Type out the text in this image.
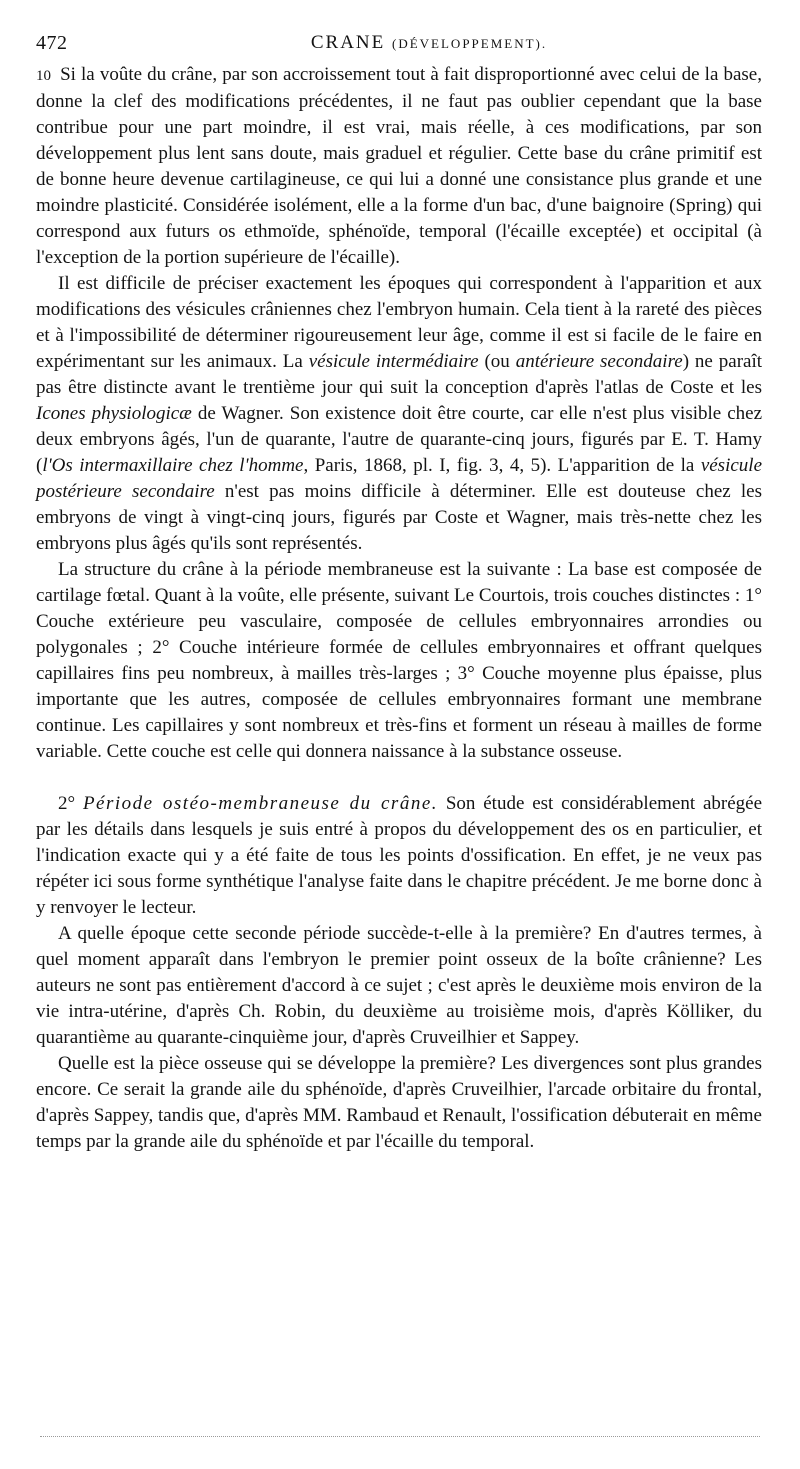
472	CRANE (DÉVELOPPEMENT).

10 Si la voûte du crâne, par son accroissement tout à fait disproportionné avec celui de la base, donne la clef des modifications précédentes, il ne faut pas oublier cependant que la base contribue pour une part moindre, il est vrai, mais réelle, à ces modifications, par son développement plus lent sans doute, mais graduel et régulier. Cette base du crâne primitif est de bonne heure devenue cartilagineuse, ce qui lui a donné une consistance plus grande et une moindre plasticité. Considérée isolément, elle a la forme d'un bac, d'une baignoire (Spring) qui correspond aux futurs os ethmoïde, sphénoïde, temporal (l'écaille exceptée) et occipital (à l'exception de la portion supérieure de l'écaille).

Il est difficile de préciser exactement les époques qui correspondent à l'apparition et aux modifications des vésicules crâniennes chez l'embryon humain. Cela tient à la rareté des pièces et à l'impossibilité de déterminer rigoureusement leur âge, comme il est si facile de le faire en expérimentant sur les animaux. La vésicule intermédiaire (ou antérieure secondaire) ne paraît pas être distincte avant le trentième jour qui suit la conception d'après l'atlas de Coste et les Icones physiologicæ de Wagner. Son existence doit être courte, car elle n'est plus visible chez deux embryons âgés, l'un de quarante, l'autre de quarante-cinq jours, figurés par E. T. Hamy (l'Os intermaxillaire chez l'homme, Paris, 1868, pl. I, fig. 3, 4, 5). L'apparition de la vésicule postérieure secondaire n'est pas moins difficile à déterminer. Elle est douteuse chez les embryons de vingt à vingt-cinq jours, figurés par Coste et Wagner, mais très-nette chez les embryons plus âgés qu'ils sont représentés.

La structure du crâne à la période membraneuse est la suivante : La base est composée de cartilage fœtal. Quant à la voûte, elle présente, suivant Le Courtois, trois couches distinctes : 1° Couche extérieure peu vasculaire, composée de cellules embryonnaires arrondies ou polygonales ; 2° Couche intérieure formée de cellules embryonnaires et offrant quelques capillaires fins peu nombreux, à mailles très-larges ; 3° Couche moyenne plus épaisse, plus importante que les autres, composée de cellules embryonnaires formant une membrane continue. Les capillaires y sont nombreux et très-fins et forment un réseau à mailles de forme variable. Cette couche est celle qui donnera naissance à la substance osseuse.

2° Période ostéo-membraneuse du crâne. Son étude est considérablement abrégée par les détails dans lesquels je suis entré à propos du développement des os en particulier, et l'indication exacte qui y a été faite de tous les points d'ossification. En effet, je ne veux pas répéter ici sous forme synthétique l'analyse faite dans le chapitre précédent. Je me borne donc à y renvoyer le lecteur.

A quelle époque cette seconde période succède-t-elle à la première? En d'autres termes, à quel moment apparaît dans l'embryon le premier point osseux de la boîte crânienne? Les auteurs ne sont pas entièrement d'accord à ce sujet ; c'est après le deuxième mois environ de la vie intra-utérine, d'après Ch. Robin, du deuxième au troisième mois, d'après Kölliker, du quarantième au quarante-cinquième jour, d'après Cruveilhier et Sappey.

Quelle est la pièce osseuse qui se développe la première? Les divergences sont plus grandes encore. Ce serait la grande aile du sphénoïde, d'après Cruveilhier, l'arcade orbitaire du frontal, d'après Sappey, tandis que, d'après MM. Rambaud et Renault, l'ossification débuterait en même temps par la grande aile du sphénoïde et par l'écaille du temporal.
